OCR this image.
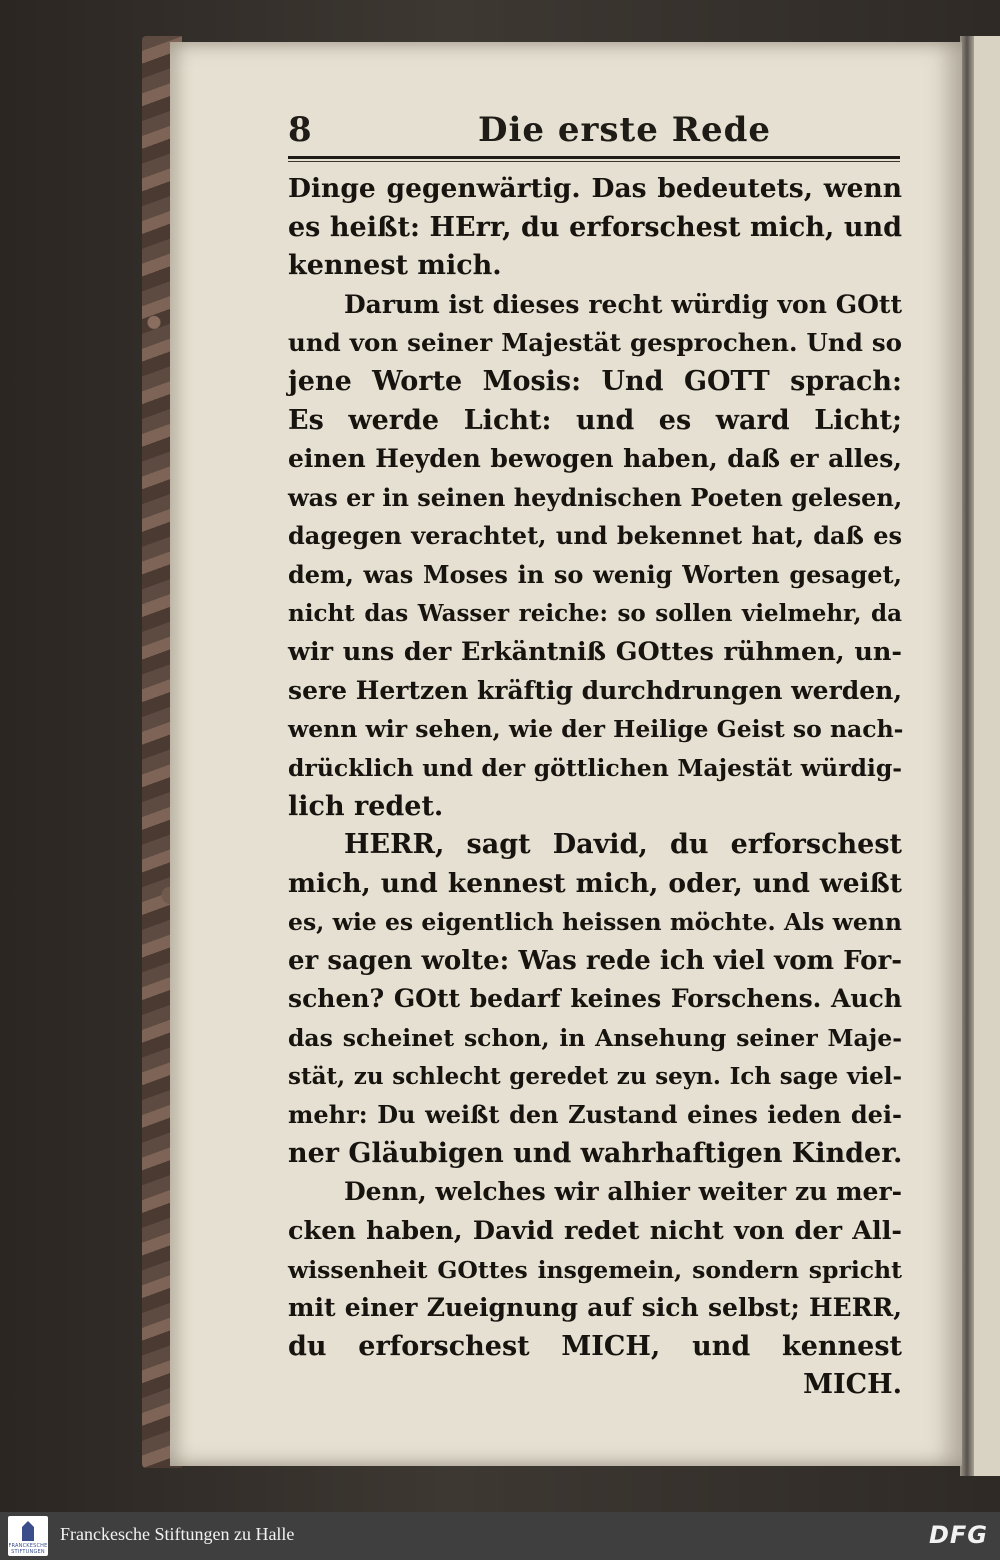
8	Die erste Rede
Dinge gegenwärtig. Das bedeutets, wenn
es heißt: HErr, du erforschest mich, und
kennest mich.
Darum ist dieses recht würdig von GOtt
und von seiner Majestät gesprochen. Und so
jene Worte Mosis: Und GOTT sprach:
Es werde Licht: und es ward Licht;
einen Heyden bewogen haben, daß er alles,
was er in seinen heydnischen Poeten gelesen,
dagegen verachtet, und bekennet hat, daß es
dem, was Moses in so wenig Worten gesaget,
nicht das Wasser reiche: so sollen vielmehr, da
wir uns der Erkäntniß GOttes rühmen, un-
sere Hertzen kräftig durchdrungen werden,
wenn wir sehen, wie der Heilige Geist so nach-
drücklich und der göttlichen Majestät würdig-
lich redet.
HERR, sagt David, du erforschest
mich, und kennest mich, oder, und weißt
es, wie es eigentlich heissen möchte. Als wenn
er sagen wolte: Was rede ich viel vom For-
schen? GOtt bedarf keines Forschens. Auch
das scheinet schon, in Ansehung seiner Maje-
stät, zu schlecht geredet zu seyn. Ich sage viel-
mehr: Du weißt den Zustand eines ieden dei-
ner Gläubigen und wahrhaftigen Kinder.
Denn, welches wir alhier weiter zu mer-
cken haben, David redet nicht von der All-
wissenheit GOttes insgemein, sondern spricht
mit einer Zueignung auf sich selbst; HERR,
du erforschest MICH, und kennest
MICH.
FRANCKESCHE STIFTUNGEN
Franckesche Stiftungen zu Halle	DFG
